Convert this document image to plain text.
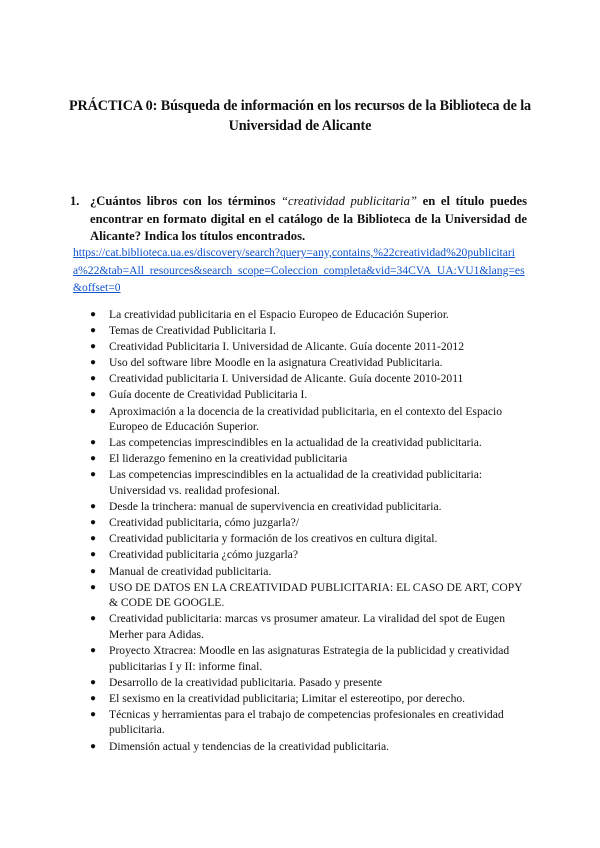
PRÁCTICA 0: Búsqueda de información en los recursos de la Biblioteca de la Universidad de Alicante
1. ¿Cuántos libros con los términos “creatividad publicitaria” en el título puedes encontrar en formato digital en el catálogo de la Biblioteca de la Universidad de Alicante? Indica los títulos encontrados.
https://cat.biblioteca.ua.es/discovery/search?query=any,contains,%22creatividad%20publicitaria%22&tab=All_resources&search_scope=Coleccion_completa&vid=34CVA_UA:VU1&lang=es&offset=0
● La creatividad publicitaria en el Espacio Europeo de Educación Superior.
● Temas de Creatividad Publicitaria I.
● Creatividad Publicitaria I. Universidad de Alicante. Guía docente 2011-2012
● Uso del software libre Moodle en la asignatura Creatividad Publicitaria.
● Creatividad publicitaria I. Universidad de Alicante. Guía docente 2010-2011
● Guía docente de Creatividad Publicitaria I.
● Aproximación a la docencia de la creatividad publicitaria, en el contexto del Espacio Europeo de Educación Superior.
● Las competencias imprescindibles en la actualidad de la creatividad publicitaria.
● El liderazgo femenino en la creatividad publicitaria
● Las competencias imprescindibles en la actualidad de la creatividad publicitaria: Universidad vs. realidad profesional.
● Desde la trinchera: manual de supervivencia en creatividad publicitaria.
● Creatividad publicitaria, cómo juzgarla?/
● Creatividad publicitaria y formación de los creativos en cultura digital.
● Creatividad publicitaria ¿cómo juzgarla?
● Manual de creatividad publicitaria.
● USO DE DATOS EN LA CREATIVIDAD PUBLICITARIA: EL CASO DE ART, COPY & CODE DE GOOGLE.
● Creatividad publicitaria: marcas vs prosumer amateur. La viralidad del spot de Eugen Merher para Adidas.
● Proyecto Xtracrea: Moodle en las asignaturas Estrategia de la publicidad y creatividad publicitarias I y II: informe final.
● Desarrollo de la creatividad publicitaria. Pasado y presente
● El sexismo en la creatividad publicitaria; Limitar el estereotipo, por derecho.
● Técnicas y herramientas para el trabajo de competencias profesionales en creatividad publicitaria.
● Dimensión actual y tendencias de la creatividad publicitaria.
